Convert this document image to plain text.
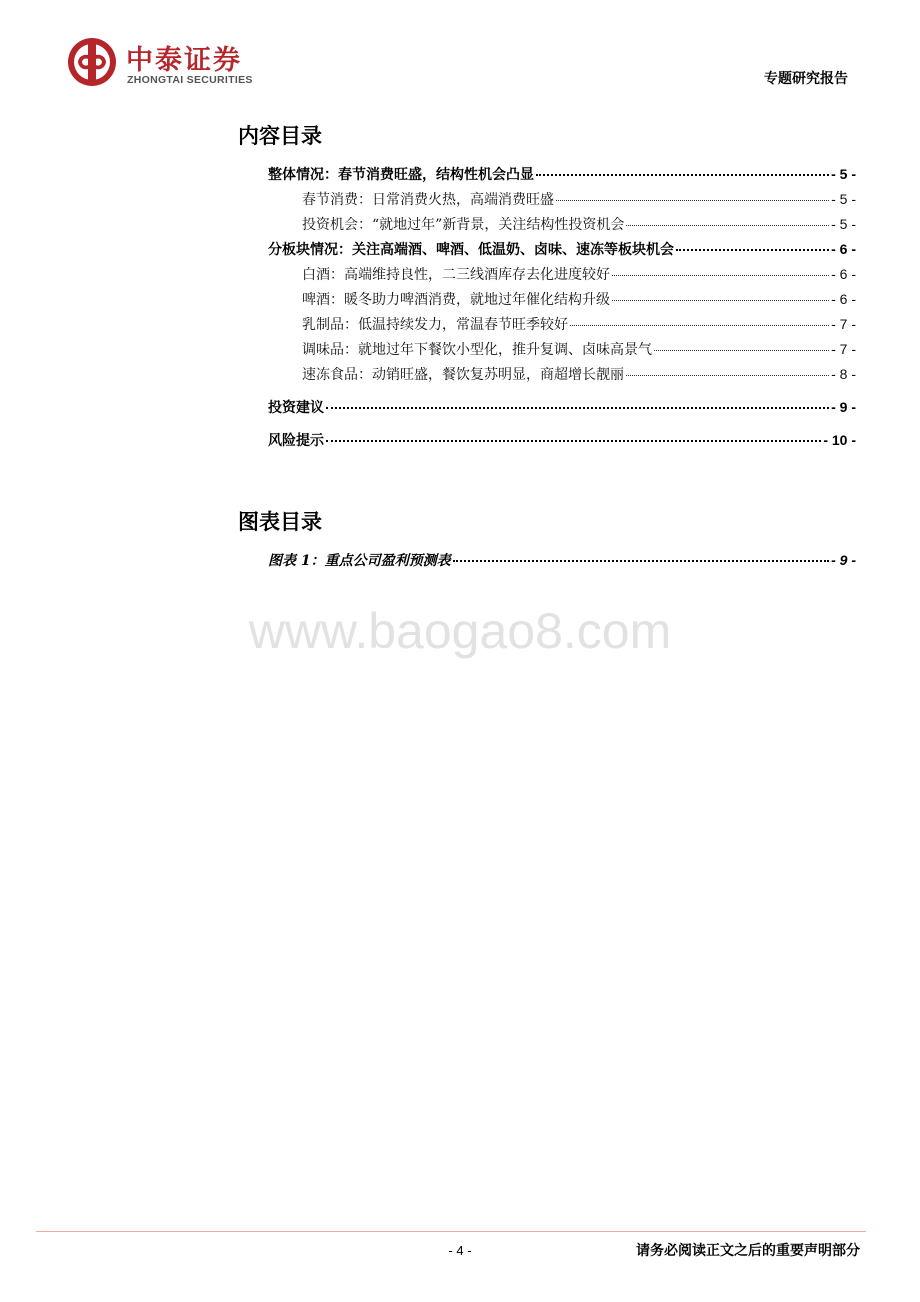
中泰证券
ZHONGTAI SECURITIES	专题研究报告
内容目录
整体情况：春节消费旺盛，结构性机会凸显	- 5 -
春节消费：日常消费火热，高端消费旺盛	- 5 -
投资机会：“就地过年”新背景，关注结构性投资机会	- 5 -
分板块情况：关注高端酒、啤酒、低温奶、卤味、速冻等板块机会	- 6 -
白酒：高端维持良性，二三线酒库存去化进度较好	- 6 -
啤酒：暖冬助力啤酒消费，就地过年催化结构升级	- 6 -
乳制品：低温持续发力，常温春节旺季较好	- 7 -
调味品：就地过年下餐饮小型化，推升复调、卤味高景气	- 7 -
速冻食品：动销旺盛，餐饮复苏明显，商超增长靓丽	- 8 -
投资建议	- 9 -
风险提示	- 10 -
图表目录
图表 1：重点公司盈利预测表	- 9 -
www.baogao8.com
- 4 -	请务必阅读正文之后的重要声明部分
